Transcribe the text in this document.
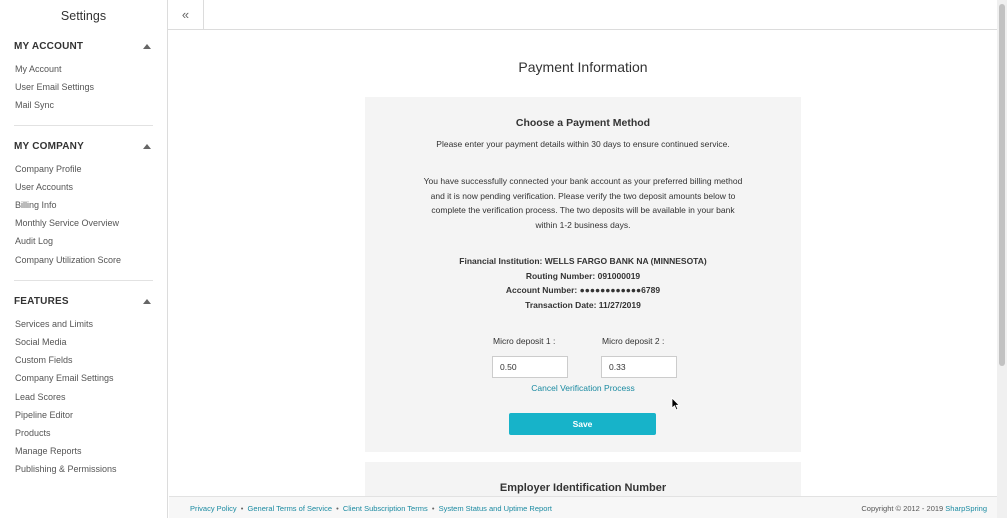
Settings
MY ACCOUNT
My Account
User Email Settings
Mail Sync
MY COMPANY
Company Profile
User Accounts
Billing Info
Monthly Service Overview
Audit Log
Company Utilization Score
FEATURES
Services and Limits
Social Media
Custom Fields
Company Email Settings
Lead Scores
Pipeline Editor
Products
Manage Reports
Publishing & Permissions
«
Payment Information
Choose a Payment Method
Please enter your payment details within 30 days to ensure continued service.
You have successfully connected your bank account as your preferred billing method
and it is now pending verification. Please verify the two deposit amounts below to
complete the verification process. The two deposits will be available in your bank
within 1-2 business days.
Financial Institution: WELLS FARGO BANK NA (MINNESOTA)
Routing Number: 091000019
Account Number: ●●●●●●●●●●●●6789
Transaction Date: 11/27/2019
Micro deposit 1 :
0.50	Micro deposit 2 :
0.33
Cancel Verification Process
Save
Employer Identification Number
Privacy Policy • General Terms of Service • Client Subscription Terms • System Status and Uptime Report	Copyright © 2012 - 2019 SharpSpring
